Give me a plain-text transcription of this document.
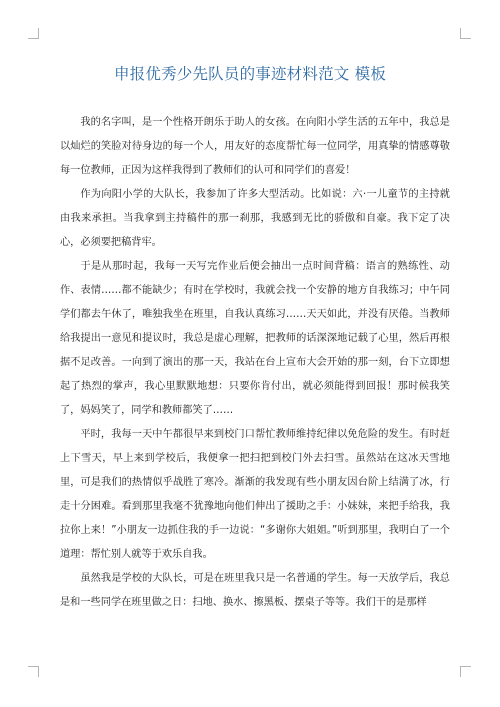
申报优秀少先队员的事迹材料范文 模板

我的名字叫，是一个性格开朗乐于助人的女孩。在向阳小学生活的五年中，我总是以灿烂的笑脸对待身边的每一个人，用友好的态度帮忙每一位同学，用真挚的情感尊敬每一位教师，正因为这样我得到了教师们的认可和同学们的喜爱！

作为向阳小学的大队长，我参加了许多大型活动。比如说：六·一儿童节的主持就由我来承担。当我拿到主持稿件的那一刹那，我感到无比的骄傲和自豪。我下定了决心，必须要把稿背牢。

于是从那时起，我每一天写完作业后便会抽出一点时间背稿：语言的熟练性、动作、表情……都不能缺少；有时在学校时，我就会找一个安静的地方自我练习；中午同学们都去午休了，唯独我坐在班里，自我认真练习……天天如此，并没有厌倦。当教师给我提出一意见和提议时，我总是虚心理解，把教师的话深深地记载了心里，然后再根据不足改善。一向到了演出的那一天，我站在台上宣布大会开始的那一刻，台下立即想起了热烈的掌声，我心里默默地想：只要你肯付出，就必须能得到回报！那时候我笑了，妈妈笑了，同学和教师都笑了……

平时，我每一天中午都很早来到校门口帮忙教师维持纪律以免危险的发生。有时赶上下雪天，早上来到学校后，我便拿一把扫把到校门外去扫雪。虽然站在这冰天雪地里，可是我们的热情似乎战胜了寒冷。渐渐的我发现有些小朋友因台阶上结满了冰，行走十分困难。看到那里我毫不犹豫地向他们伸出了援助之手：小妹妹，来把手给我，我拉你上来！”小朋友一边抓住我的手一边说：“多谢你大姐姐。”听到那里，我明白了一个道理：帮忙别人就等于欢乐自我。

虽然我是学校的大队长，可是在班里我只是一名普通的学生。每一天放学后，我总是和一些同学在班里做之日：扫地、换水、擦黑板、摆桌子等等。我们干的是那样
